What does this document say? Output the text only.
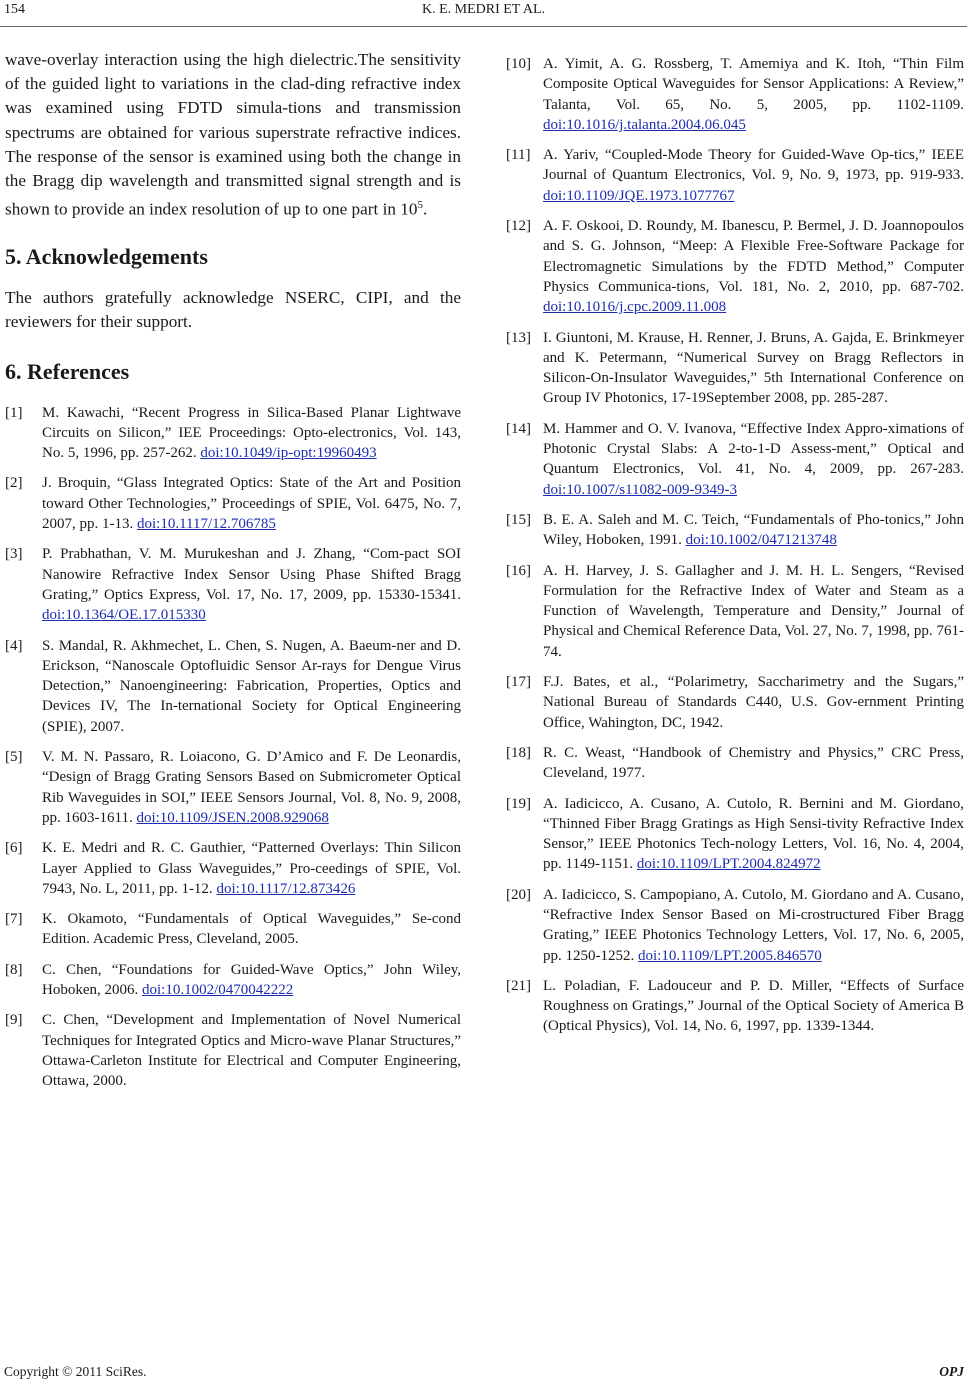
154	K. E. MEDRI ET AL.

wave-overlay interaction using the high dielectric.The sensitivity of the guided light to variations in the clad-ding refractive index was examined using FDTD simula-tions and transmission spectrums are obtained for various superstrate refractive indices. The response of the sensor is examined using both the change in the Bragg dip wavelength and transmitted signal strength and is shown to provide an index resolution of up to one part in $10^5$.

5. Acknowledgements

The authors gratefully acknowledge NSERC, CIPI, and the reviewers for their support.

6. References
[1]	M. Kawachi, “Recent Progress in Silica-Based Planar Lightwave Circuits on Silicon,” IEE Proceedings: Opto-electronics, Vol. 143, No. 5, 1996, pp. 257-262. doi:10.1049/ip-opt:19960493
[2]	J. Broquin, “Glass Integrated Optics: State of the Art and Position toward Other Technologies,” Proceedings of SPIE, Vol. 6475, No. 7, 2007, pp. 1-13. doi:10.1117/12.706785
[3]	P. Prabhathan, V. M. Murukeshan and J. Zhang, “Com-pact SOI Nanowire Refractive Index Sensor Using Phase Shifted Bragg Grating,” Optics Express, Vol. 17, No. 17, 2009, pp. 15330-15341. doi:10.1364/OE.17.015330
[4]	S. Mandal, R. Akhmechet, L. Chen, S. Nugen, A. Baeum-ner and D. Erickson, “Nanoscale Optofluidic Sensor Ar-rays for Dengue Virus Detection,” Nanoengineering: Fabrication, Properties, Optics and Devices IV, The In-ternational Society for Optical Engineering (SPIE), 2007.
[5]	V. M. N. Passaro, R. Loiacono, G. D’Amico and F. De Leonardis, “Design of Bragg Grating Sensors Based on Submicrometer Optical Rib Waveguides in SOI,” IEEE Sensors Journal, Vol. 8, No. 9, 2008, pp. 1603-1611. doi:10.1109/JSEN.2008.929068
[6]	K. E. Medri and R. C. Gauthier, “Patterned Overlays: Thin Silicon Layer Applied to Glass Waveguides,” Pro-ceedings of SPIE, Vol. 7943, No. L, 2011, pp. 1-12. doi:10.1117/12.873426
[7]	K. Okamoto, “Fundamentals of Optical Waveguides,” Se-cond Edition. Academic Press, Cleveland, 2005.
[8]	C. Chen, “Foundations for Guided-Wave Optics,” John Wiley, Hoboken, 2006. doi:10.1002/0470042222
[9]	C. Chen, “Development and Implementation of Novel Numerical Techniques for Integrated Optics and Micro-wave Planar Structures,” Ottawa-Carleton Institute for Electrical and Computer Engineering, Ottawa, 2000.
[10] A. Yimit, A. G. Rossberg, T. Amemiya and K. Itoh, “Thin Film Composite Optical Waveguides for Sensor Applications: A Review,” Talanta, Vol. 65, No. 5, 2005, pp. 1102-1109. doi:10.1016/j.talanta.2004.06.045
[11] A. Yariv, “Coupled-Mode Theory for Guided-Wave Op-tics,” IEEE Journal of Quantum Electronics, Vol. 9, No. 9, 1973, pp. 919-933. doi:10.1109/JQE.1973.1077767
[12] A. F. Oskooi, D. Roundy, M. Ibanescu, P. Bermel, J. D. Joannopoulos and S. G. Johnson, “Meep: A Flexible Free-Software Package for Electromagnetic Simulations by the FDTD Method,” Computer Physics Communica-tions, Vol. 181, No. 2, 2010, pp. 687-702. doi:10.1016/j.cpc.2009.11.008
[13] I. Giuntoni, M. Krause, H. Renner, J. Bruns, A. Gajda, E. Brinkmeyer and K. Petermann, “Numerical Survey on Bragg Reflectors in Silicon-On-Insulator Waveguides,” 5th International Conference on Group IV Photonics, 17-19September 2008, pp. 285-287.
[14] M. Hammer and O. V. Ivanova, “Effective Index Appro-ximations of Photonic Crystal Slabs: A 2-to-1-D Assess-ment,” Optical and Quantum Electronics, Vol. 41, No. 4, 2009, pp. 267-283. doi:10.1007/s11082-009-9349-3
[15] B. E. A. Saleh and M. C. Teich, “Fundamentals of Pho-tonics,” John Wiley, Hoboken, 1991. doi:10.1002/0471213748
[16] A. H. Harvey, J. S. Gallagher and J. M. H. L. Sengers, “Revised Formulation for the Refractive Index of Water and Steam as a Function of Wavelength, Temperature and Density,” Journal of Physical and Chemical Reference Data, Vol. 27, No. 7, 1998, pp. 761-74.
[17] F.J. Bates, et al., “Polarimetry, Saccharimetry and the Sugars,” National Bureau of Standards C440, U.S. Gov-ernment Printing Office, Wahington, DC, 1942.
[18] R. C. Weast, “Handbook of Chemistry and Physics,” CRC Press, Cleveland, 1977.
[19] A. Iadicicco, A. Cusano, A. Cutolo, R. Bernini and M. Giordano, “Thinned Fiber Bragg Gratings as High Sensi-tivity Refractive Index Sensor,” IEEE Photonics Tech-nology Letters, Vol. 16, No. 4, 2004, pp. 1149-1151. doi:10.1109/LPT.2004.824972
[20] A. Iadicicco, S. Campopiano, A. Cutolo, M. Giordano and A. Cusano, “Refractive Index Sensor Based on Mi-crostructured Fiber Bragg Grating,” IEEE Photonics Technology Letters, Vol. 17, No. 6, 2005, pp. 1250-1252. doi:10.1109/LPT.2005.846570
[21] L. Poladian, F. Ladouceur and P. D. Miller, “Effects of Surface Roughness on Gratings,” Journal of the Optical Society of America B (Optical Physics), Vol. 14, No. 6, 1997, pp. 1339-1344.
Copyright © 2011 SciRes.	OPJ
